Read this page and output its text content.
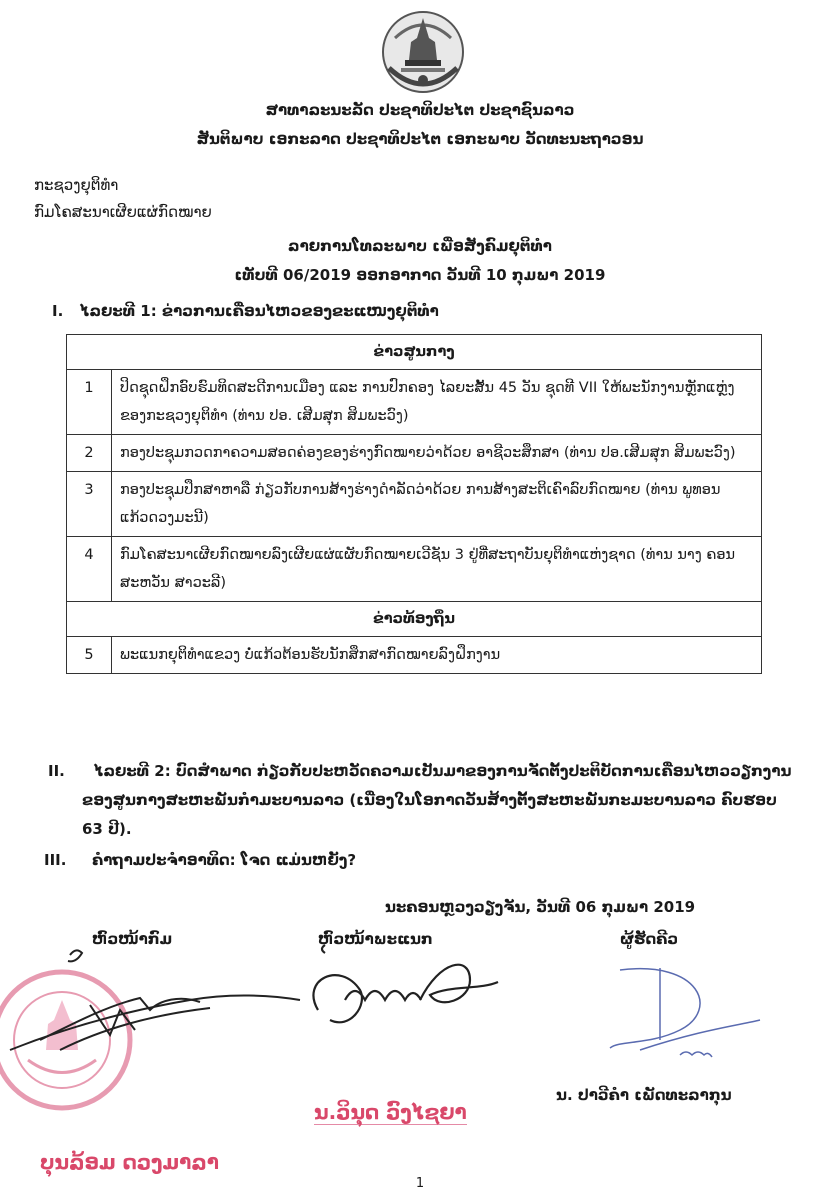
ສາທາລະນະລັດ ປະຊາທິປະໄຕ ປະຊາຊົນລາວ
ສັນຕິພາບ ເອກະລາດ ປະຊາທິປະໄຕ ເອກະພາບ ວັດທະນະຖາວອນ
ກະຊວງຍຸຕິທໍາ
ກົມໂຄສະນາເຜີຍແຜ່ກົດໝາຍ
ລາຍການໂທລະພາບ ເພື່ອສັງຄົມຍຸຕິທໍາ
ເທັບທີ 06/2019 ອອກອາກາດ ວັນທີ 10 ກຸມພາ 2019
I. ໄລຍະທີ 1: ຂ່າວການເຄື່ອນໄຫວຂອງຂະແໜງຍຸຕິທໍາ
ຂ່າວສູນກາງ	
1	ປິດຊຸດຝຶກອົບຮົມທິດສະດີການເມືອງ ແລະ ການປົກຄອງ ໄລຍະສັ້ນ 45 ວັນ ຊຸດທີ VII ໃຫ້ພະນັກງານຫຼັກແຫຼ່ງ ຂອງກະຊວງຍຸຕິທໍາ (ທ່ານ ປອ. ເສີມສຸກ ສິມພະວົງ)
2	ກອງປະຊຸມກວດກາຄວາມສອດຄ່ອງຂອງຮ່າງກົດໝາຍວ່າດ້ວຍ ອາຊີວະສຶກສາ (ທ່ານ ປອ.ເສີມສຸກ ສິມພະວົງ)
3	ກອງປະຊຸມປຶກສາຫາລື ກ່ຽວກັບການສ້າງຮ່າງດໍາລັດວ່າດ້ວຍ ການສ້າງສະຕິເຄົາລົບກົດໝາຍ (ທ່ານ ພູທອນ ແກ້ວດວງມະນີ)
4	ກົມໂຄສະນາເຜີຍກົດໝາຍລົງເຜີຍແຜ່ແຜັບກົດໝາຍເວີຊັນ 3 ຢູ່ທີ່ສະຖາບັນຍຸຕິທໍາແຫ່ງຊາດ (ທ່ານ ນາງ ຄອນສະຫວັນ ສາວະລີ)
ຂ່າວທ້ອງຖິ່ນ	
5	ພະແນກຍຸຕິທໍາແຂວງ ບໍ່ແກ້ວຕ້ອນຮັບນັກສຶກສາກົດໝາຍລົງຝຶກງານ
II.	ໄລຍະທີ 2: ບົດສໍາພາດ ກ່ຽວກັບປະຫວັດຄວາມເປັນມາຂອງການຈັດຕັ້ງປະຕິບັດການເຄື່ອນໄຫວວຽກງານຂອງສູນກາງສະຫະພັນກໍາມະບານລາວ (ເນື່ອງໃນໂອກາດວັນສ້າງຕັ້ງສະຫະພັນກະມະບານລາວ ຄົບຮອບ 63 ປີ).
III. ຄໍາຖາມປະຈໍາອາທິດ: ໂຈດ ແມ່ນຫຍັງ?
ນະຄອນຫຼວງວຽງຈັນ, ວັນທີ 06 ກຸມພາ 2019
ຫົວໜ້າກົມ	ຫົວໜ້າພະແນກ	ຜູ້ຮັດຄີວ
ນ.ວິນຸດ ວົງໄຊຍາ
ນ. ປາວີຄໍາ ເພັດທະລາກຸນ
ບຸນລ້ອມ ດວງມາລາ
1
